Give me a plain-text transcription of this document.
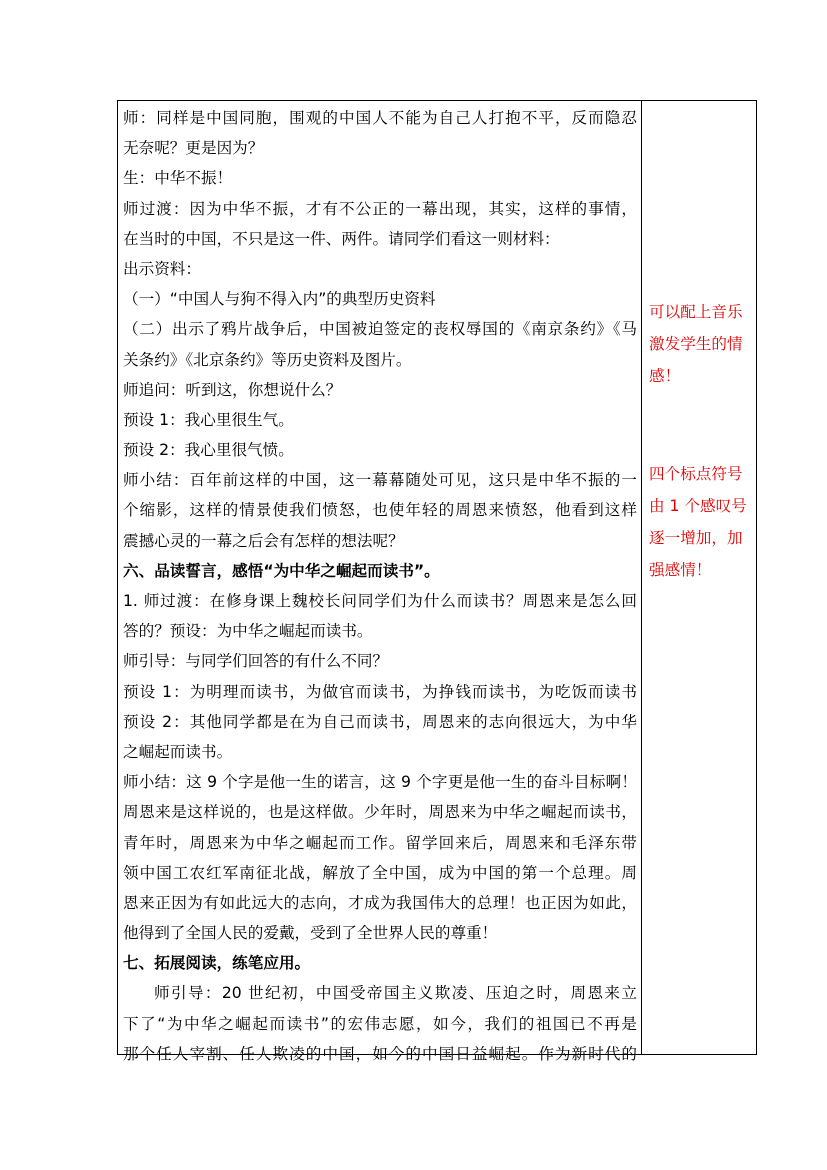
师：同样是中国同胞，围观的中国人不能为自己人打抱不平，反而隐忍
无奈呢？更是因为？
生：中华不振！
师过渡：因为中华不振，才有不公正的一幕出现，其实，这样的事情，
在当时的中国，不只是这一件、两件。请同学们看这一则材料：
出示资料：
（一）“中国人与狗不得入内”的典型历史资料
（二）出示了鸦片战争后，中国被迫签定的丧权辱国的《南京条约》《马
关条约》《北京条约》等历史资料及图片。
师追问：听到这，你想说什么？
预设 1：我心里很生气。
预设 2：我心里很气愤。
师小结：百年前这样的中国，这一幕幕随处可见，这只是中华不振的一
个缩影，这样的情景使我们愤怒，也使年轻的周恩来愤怒，他看到这样
震撼心灵的一幕之后会有怎样的想法呢？
六、品读誓言，感悟“为中华之崛起而读书”。
1. 师过渡：在修身课上魏校长问同学们为什么而读书？周恩来是怎么回
答的？预设：为中华之崛起而读书。
师引导：与同学们回答的有什么不同？
预设 1：为明理而读书，为做官而读书，为挣钱而读书，为吃饭而读书
预设 2：其他同学都是在为自己而读书，周恩来的志向很远大，为中华
之崛起而读书。
师小结：这 9 个字是他一生的诺言，这 9 个字更是他一生的奋斗目标啊！
周恩来是这样说的，也是这样做。少年时，周恩来为中华之崛起而读书，
青年时，周恩来为中华之崛起而工作。留学回来后，周恩来和毛泽东带
领中国工农红军南征北战，解放了全中国，成为中国的第一个总理。周
恩来正因为有如此远大的志向，才成为我国伟大的总理！也正因为如此，
他得到了全国人民的爱戴，受到了全世界人民的尊重！
七、拓展阅读，练笔应用。
师引导：20 世纪初，中国受帝国主义欺凌、压迫之时，周恩来立
下了“为中华之崛起而读书”的宏伟志愿，如今，我们的祖国已不再是
那个任人宰割、任人欺凌的中国，如今的中国日益崛起。作为新时代的
可以配上音乐
激发学生的情
感！
四个标点符号
由 1 个感叹号
逐一增加，加
强感情！
